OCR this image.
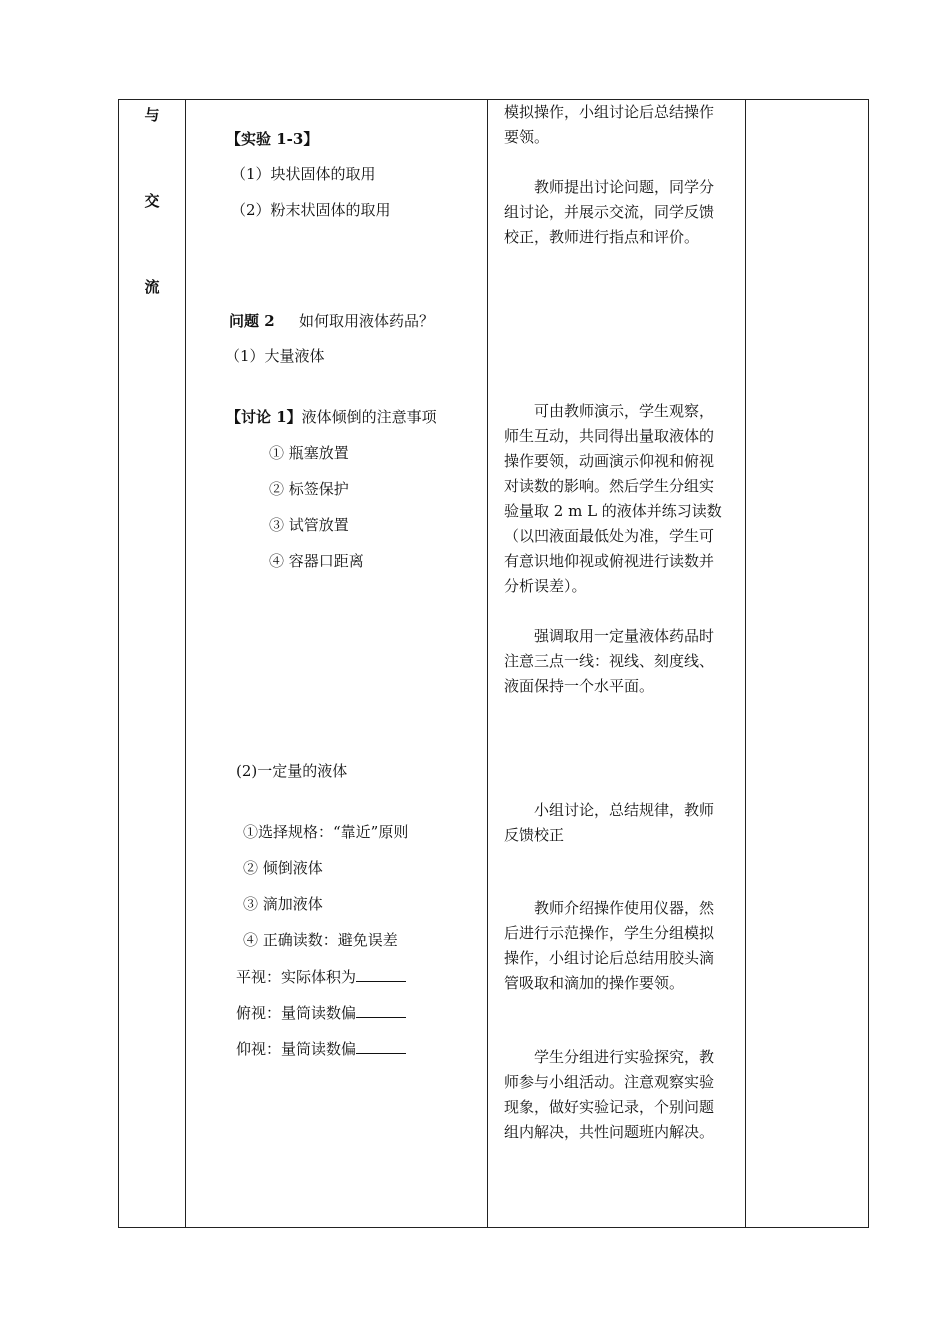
与
交
流
【实验 1-3】
（1）块状固体的取用
（2）粉末状固体的取用
问题 2 如何取用液体药品？
（1）大量液体
【讨论 1】液体倾倒的注意事项
① 瓶塞放置
② 标签保护
③ 试管放置
④ 容器口距离
(2)一定量的液体
①选择规格：“靠近”原则
② 倾倒液体
③ 滴加液体
④ 正确读数：避免误差
平视：实际体积为
俯视：量筒读数偏
仰视：量筒读数偏

模拟操作，小组讨论后总结操作要领。

教师提出讨论问题，同学分组讨论，并展示交流，同学反馈校正，教师进行指点和评价。

可由教师演示，学生观察，师生互动，共同得出量取液体的操作要领，动画演示仰视和俯视对读数的影响。然后学生分组实验量取 2 m L 的液体并练习读数（以凹液面最低处为准，学生可有意识地仰视或俯视进行读数并分析误差）。

强调取用一定量液体药品时注意三点一线：视线、刻度线、液面保持一个水平面。

小组讨论，总结规律，教师反馈校正

教师介绍操作使用仪器，然后进行示范操作，学生分组模拟操作，小组讨论后总结用胶头滴管吸取和滴加的操作要领。

学生分组进行实验探究，教师参与小组活动。注意观察实验现象，做好实验记录，个别问题组内解决，共性问题班内解决。
